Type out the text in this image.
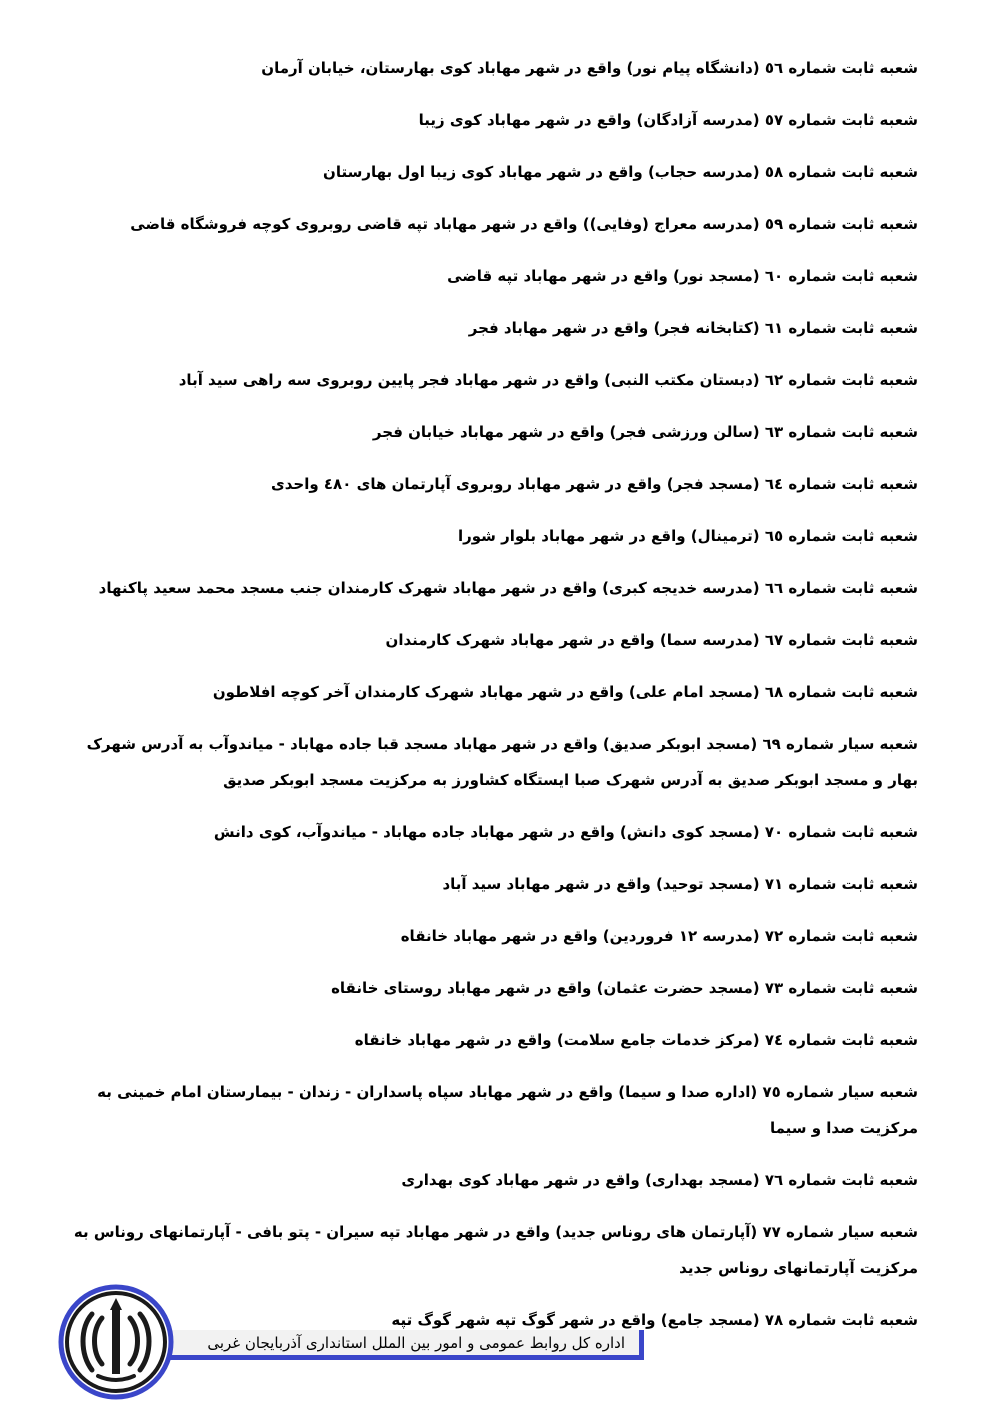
شعبه ثابت شماره ٥٦ (دانشگاه پیام نور) واقع در شهر مهاباد کوی بهارستان، خیابان آرمان
شعبه ثابت شماره ٥٧ (مدرسه آزادگان) واقع در شهر مهاباد کوی زیبا
شعبه ثابت شماره ٥٨ (مدرسه حجاب) واقع در شهر مهاباد کوی زیبا اول بهارستان
شعبه ثابت شماره ٥٩ (مدرسه معراج (وفایی)) واقع در شهر مهاباد تپه قاضی روبروی کوچه فروشگاه قاضی
شعبه ثابت شماره ٦٠ (مسجد نور) واقع در شهر مهاباد تپه قاضی
شعبه ثابت شماره ٦١ (کتابخانه فجر) واقع در شهر مهاباد فجر
شعبه ثابت شماره ٦٢ (دبستان مکتب النبی) واقع در شهر مهاباد فجر پایین روبروی سه راهی سید آباد
شعبه ثابت شماره ٦٣ (سالن ورزشی فجر) واقع در شهر مهاباد خیابان فجر
شعبه ثابت شماره ٦٤ (مسجد فجر) واقع در شهر مهاباد روبروی آپارتمان های ٤٨٠ واحدی
شعبه ثابت شماره ٦٥ (ترمینال) واقع در شهر مهاباد بلوار شورا
شعبه ثابت شماره ٦٦ (مدرسه خدیجه کبری) واقع در شهر مهاباد شهرک کارمندان جنب مسجد محمد سعید پاکنهاد
شعبه ثابت شماره ٦٧ (مدرسه سما) واقع در شهر مهاباد شهرک کارمندان
شعبه ثابت شماره ٦٨ (مسجد امام علی) واقع در شهر مهاباد شهرک کارمندان آخر کوچه افلاطون
شعبه سیار شماره ٦٩ (مسجد ابوبکر صدیق) واقع در شهر مهاباد مسجد قبا جاده مهاباد - میاندوآب به آدرس شهرک بهار و مسجد ابوبکر صدیق به آدرس شهرک صبا ایستگاه کشاورز به مرکزیت مسجد ابوبکر صدیق
شعبه ثابت شماره ٧٠ (مسجد کوی دانش) واقع در شهر مهاباد جاده مهاباد - میاندوآب، کوی دانش
شعبه ثابت شماره ٧١ (مسجد توحید) واقع در شهر مهاباد سید آباد
شعبه ثابت شماره ٧٢ (مدرسه ١٢ فروردین) واقع در شهر مهاباد خانقاه
شعبه ثابت شماره ٧٣ (مسجد حضرت عثمان) واقع در شهر مهاباد روستای خانقاه
شعبه ثابت شماره ٧٤ (مرکز خدمات جامع سلامت) واقع در شهر مهاباد خانقاه
شعبه سیار شماره ٧٥ (اداره صدا و سیما) واقع در شهر مهاباد سپاه پاسداران - زندان - بیمارستان امام خمینی به مرکزیت صدا و سیما
شعبه ثابت شماره ٧٦ (مسجد بهداری) واقع در شهر مهاباد کوی بهداری
شعبه سیار شماره ٧٧ (آپارتمان های روناس جدید) واقع در شهر مهاباد تپه سیران - پتو بافی - آپارتمانهای روناس به مرکزیت آپارتمانهای روناس جدید
شعبه ثابت شماره ٧٨ (مسجد جامع) واقع در شهر گوگ تپه شهر گوگ تپه
اداره کل روابط عمومی و امور بین الملل استانداری آذربایجان غربی
